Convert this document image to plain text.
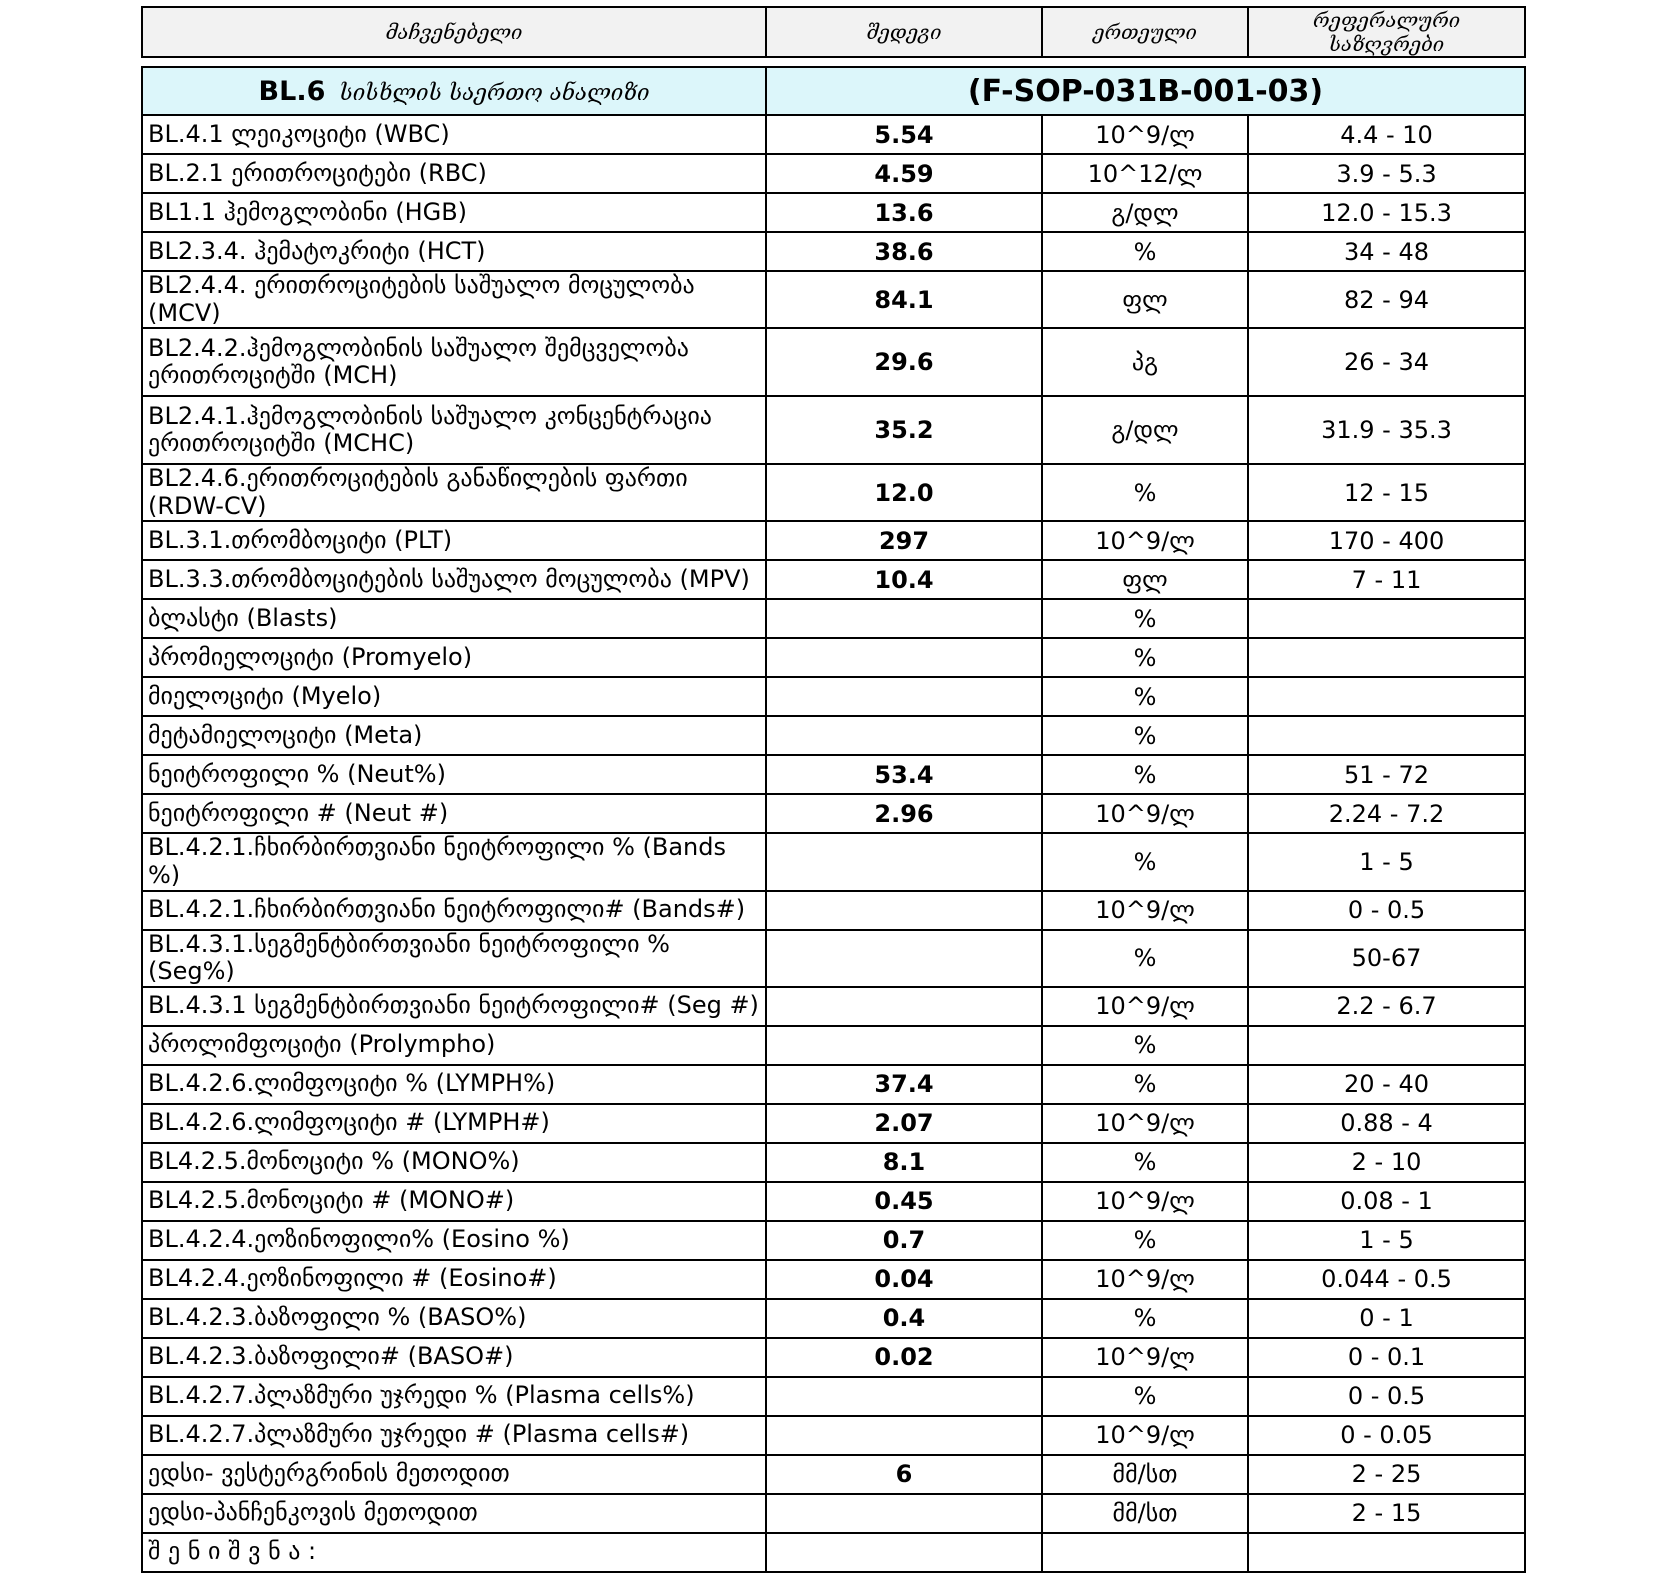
მაჩვენებელი	შედეგი	ერთეული	რეფერალური საზღვრები
BL.6 სისხლის საერთო ანალიზი	(F-SOP-031B-001-03)		
BL.4.1 ლეიკოციტი (WBC)	5.54	10^9/ლ	4.4 - 10
BL.2.1 ერითროციტები (RBC)	4.59	10^12/ლ	3.9 - 5.3
BL1.1 ჰემოგლობინი (HGB)	13.6	გ/დლ	12.0 - 15.3
BL2.3.4. ჰემატოკრიტი (HCT)	38.6	%	34 - 48
BL2.4.4. ერითროციტების საშუალო მოცულობა (MCV)	84.1	ფლ	82 - 94
BL2.4.2.ჰემოგლობინის საშუალო შემცველობა ერითროციტში (MCH)	29.6	პგ	26 - 34
BL2.4.1.ჰემოგლობინის საშუალო კონცენტრაცია ერითროციტში (MCHC)	35.2	გ/დლ	31.9 - 35.3
BL2.4.6.ერითროციტების განაწილების ფართი (RDW-CV)	12.0	%	12 - 15
BL.3.1.თრომბოციტი (PLT)	297	10^9/ლ	170 - 400
BL.3.3.თრომბოციტების საშუალო მოცულობა (MPV)	10.4	ფლ	7 - 11
ბლასტი (Blasts)		%	
პრომიელოციტი (Promyelo)		%	
მიელოციტი (Myelo)		%	
მეტამიელოციტი (Meta)		%	
ნეიტროფილი % (Neut%)	53.4	%	51 - 72
ნეიტროფილი # (Neut #)	2.96	10^9/ლ	2.24 - 7.2
BL.4.2.1.ჩხირბირთვიანი ნეიტროფილი % (Bands %)		%	1 - 5
BL.4.2.1.ჩხირბირთვიანი ნეიტროფილი# (Bands#)		10^9/ლ	0 - 0.5
BL.4.3.1.სეგმენტბირთვიანი ნეიტროფილი % (Seg%)		%	50-67
BL.4.3.1 სეგმენტბირთვიანი ნეიტროფილი# (Seg #)		10^9/ლ	2.2 - 6.7
პროლიმფოციტი (Prolympho)		%	
BL.4.2.6.ლიმფოციტი % (LYMPH%)	37.4	%	20 - 40
BL.4.2.6.ლიმფოციტი # (LYMPH#)	2.07	10^9/ლ	0.88 - 4
BL4.2.5.მონოციტი % (MONO%)	8.1	%	2 - 10
BL4.2.5.მონოციტი # (MONO#)	0.45	10^9/ლ	0.08 - 1
BL.4.2.4.ეოზინოფილი% (Eosino %)	0.7	%	1 - 5
BL4.2.4.ეოზინოფილი # (Eosino#)	0.04	10^9/ლ	0.044 - 0.5
BL.4.2.3.ბაზოფილი % (BASO%)	0.4	%	0 - 1
BL.4.2.3.ბაზოფილი# (BASO#)	0.02	10^9/ლ	0 - 0.1
BL.4.2.7.პლაზმური უჯრედი % (Plasma cells%)		%	0 - 0.5
BL.4.2.7.პლაზმური უჯრედი # (Plasma cells#)		10^9/ლ	0 - 0.05
ედსი- ვესტერგრინის მეთოდით	6	მმ/სთ	2 - 25
ედსი-პანჩენკოვის მეთოდით		მმ/სთ	2 - 15
შ ე ნ ი შ ვ ნ ა :			
